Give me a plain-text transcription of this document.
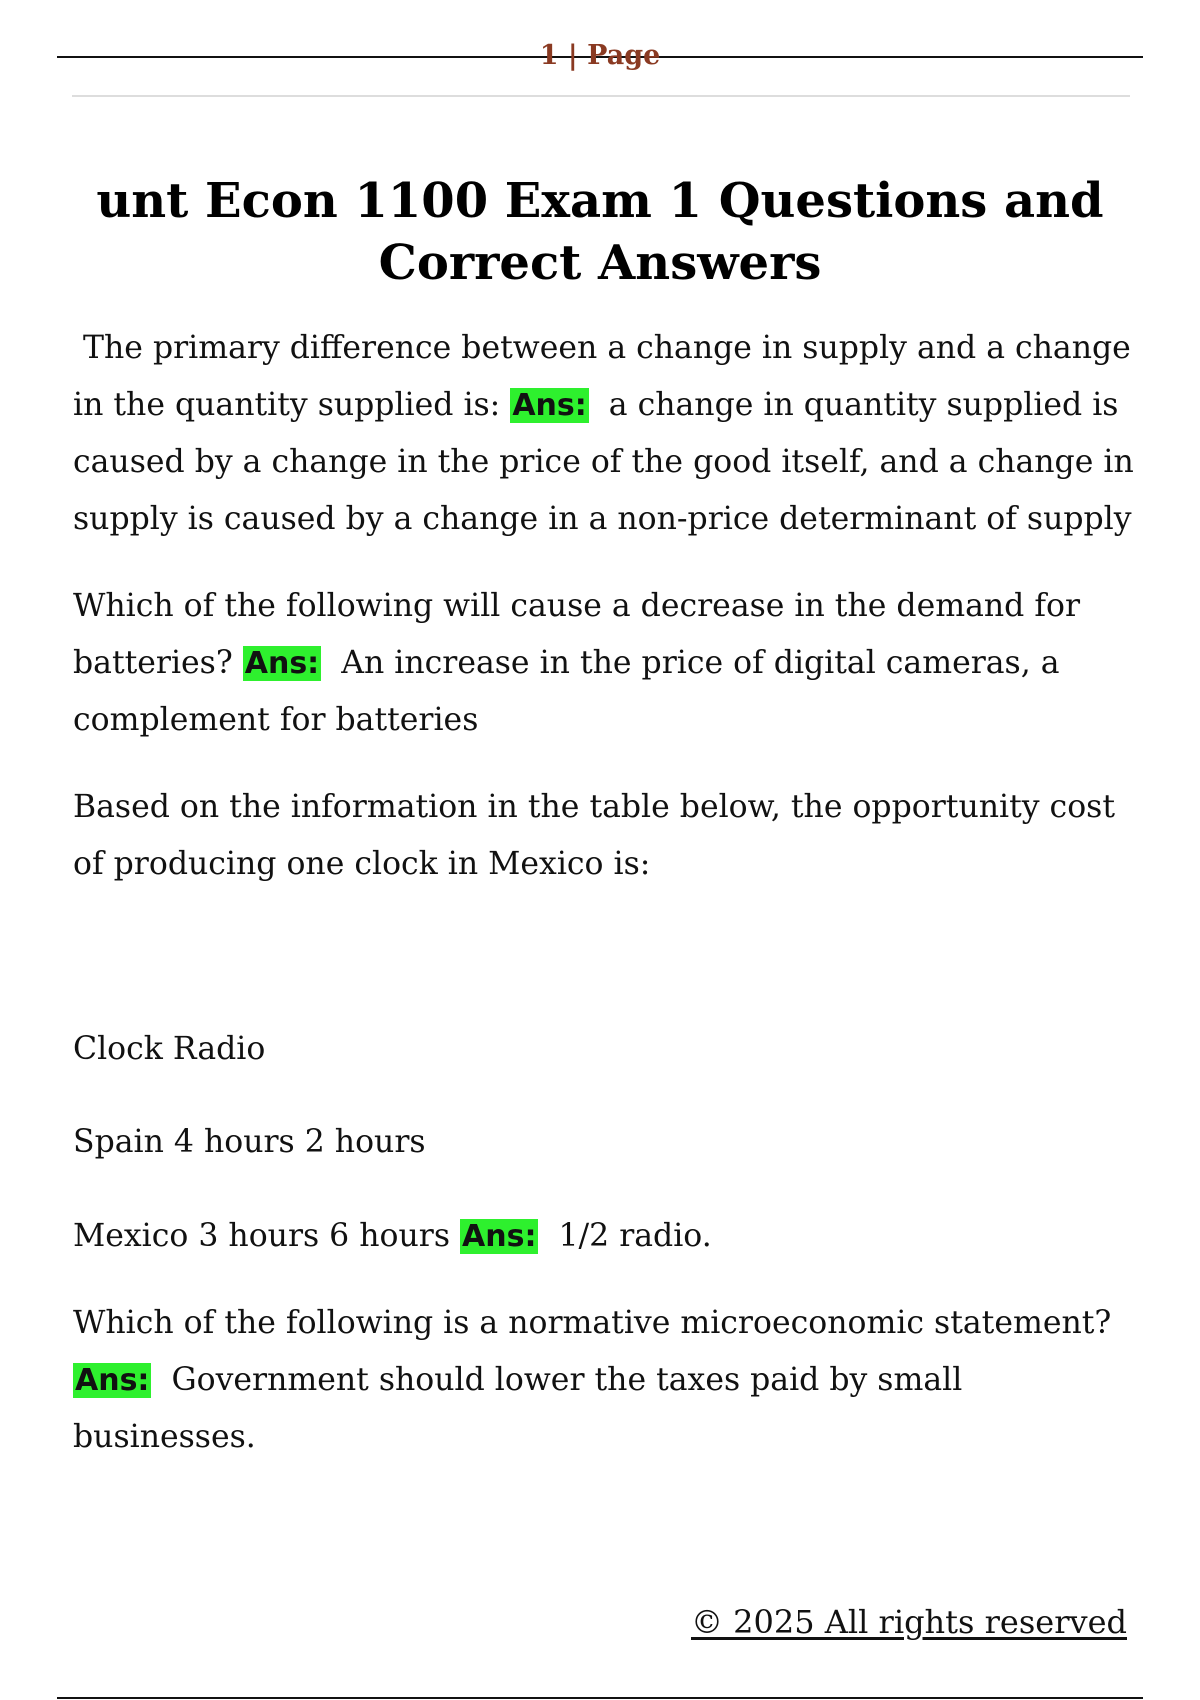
1 | Page
unt Econ 1100 Exam 1 Questions and Correct Answers

The primary difference between a change in supply and a change in the quantity supplied is: Ans: a change in quantity supplied is caused by a change in the price of the good itself, and a change in supply is caused by a change in a non-price determinant of supply

Which of the following will cause a decrease in the demand for batteries? Ans: An increase in the price of digital cameras, a complement for batteries

Based on the information in the table below, the opportunity cost of producing one clock in Mexico is:

Clock Radio

Spain 4 hours 2 hours

Mexico 3 hours 6 hours Ans: 1/2 radio.

Which of the following is a normative microeconomic statement? Ans: Government should lower the taxes paid by small businesses.

© 2025 All rights reserved
